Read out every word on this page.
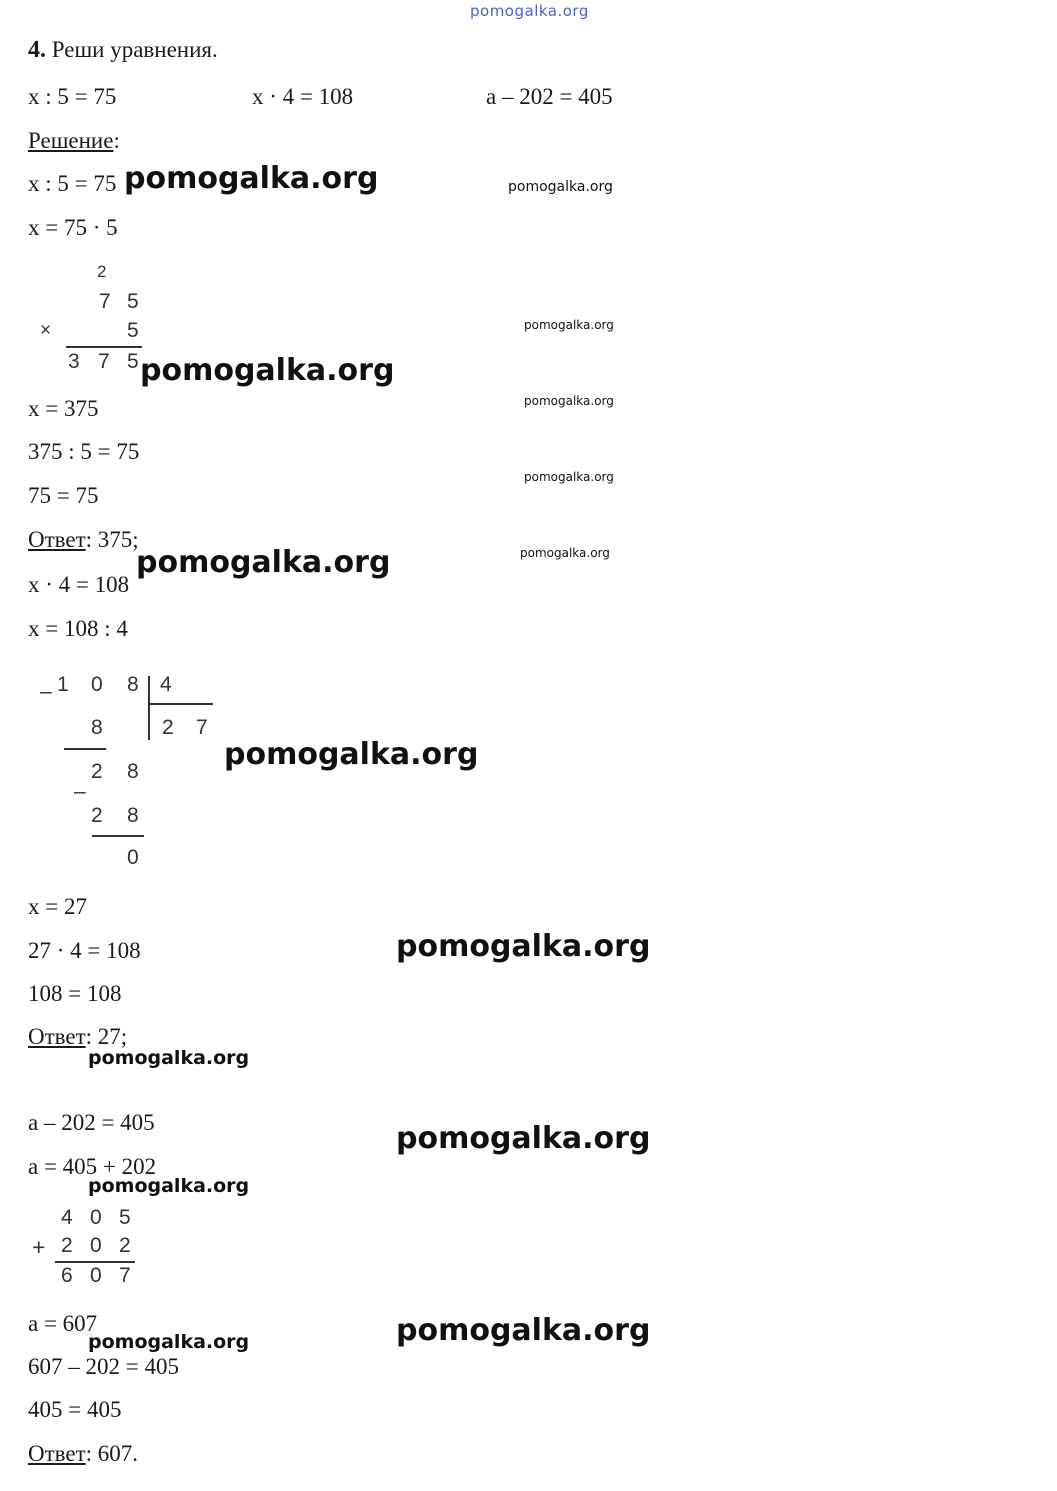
pomogalka.org
4. Реши уравнения.
x : 5 = 75	x · 4 = 108	a – 202 = 405
Решение:
x : 5 = 75 pomogalka.org	pomogalka.org
x = 75 · 5
2
7 5
×	5
3 7 5
pomogalka.org
pomogalka.org
x = 375	pomogalka.org
375 : 5 = 75
75 = 75
pomogalka.org
Ответ: 375;
pomogalka.org
pomogalka.org
x · 4 = 108
x = 108 : 4
– 1 0 8 4
2 7
8
2 8
–
2 8
0
pomogalka.org
x = 27
27 · 4 = 108	pomogalka.org
108 = 108
Ответ: 27;
pomogalka.org
a – 202 = 405	pomogalka.org
a = 405 + 202
pomogalka.org
4 0 5
+ 2 0 2
6 0 7
a = 607	pomogalka.org
pomogalka.org
607 – 202 = 405
405 = 405
Ответ: 607.
